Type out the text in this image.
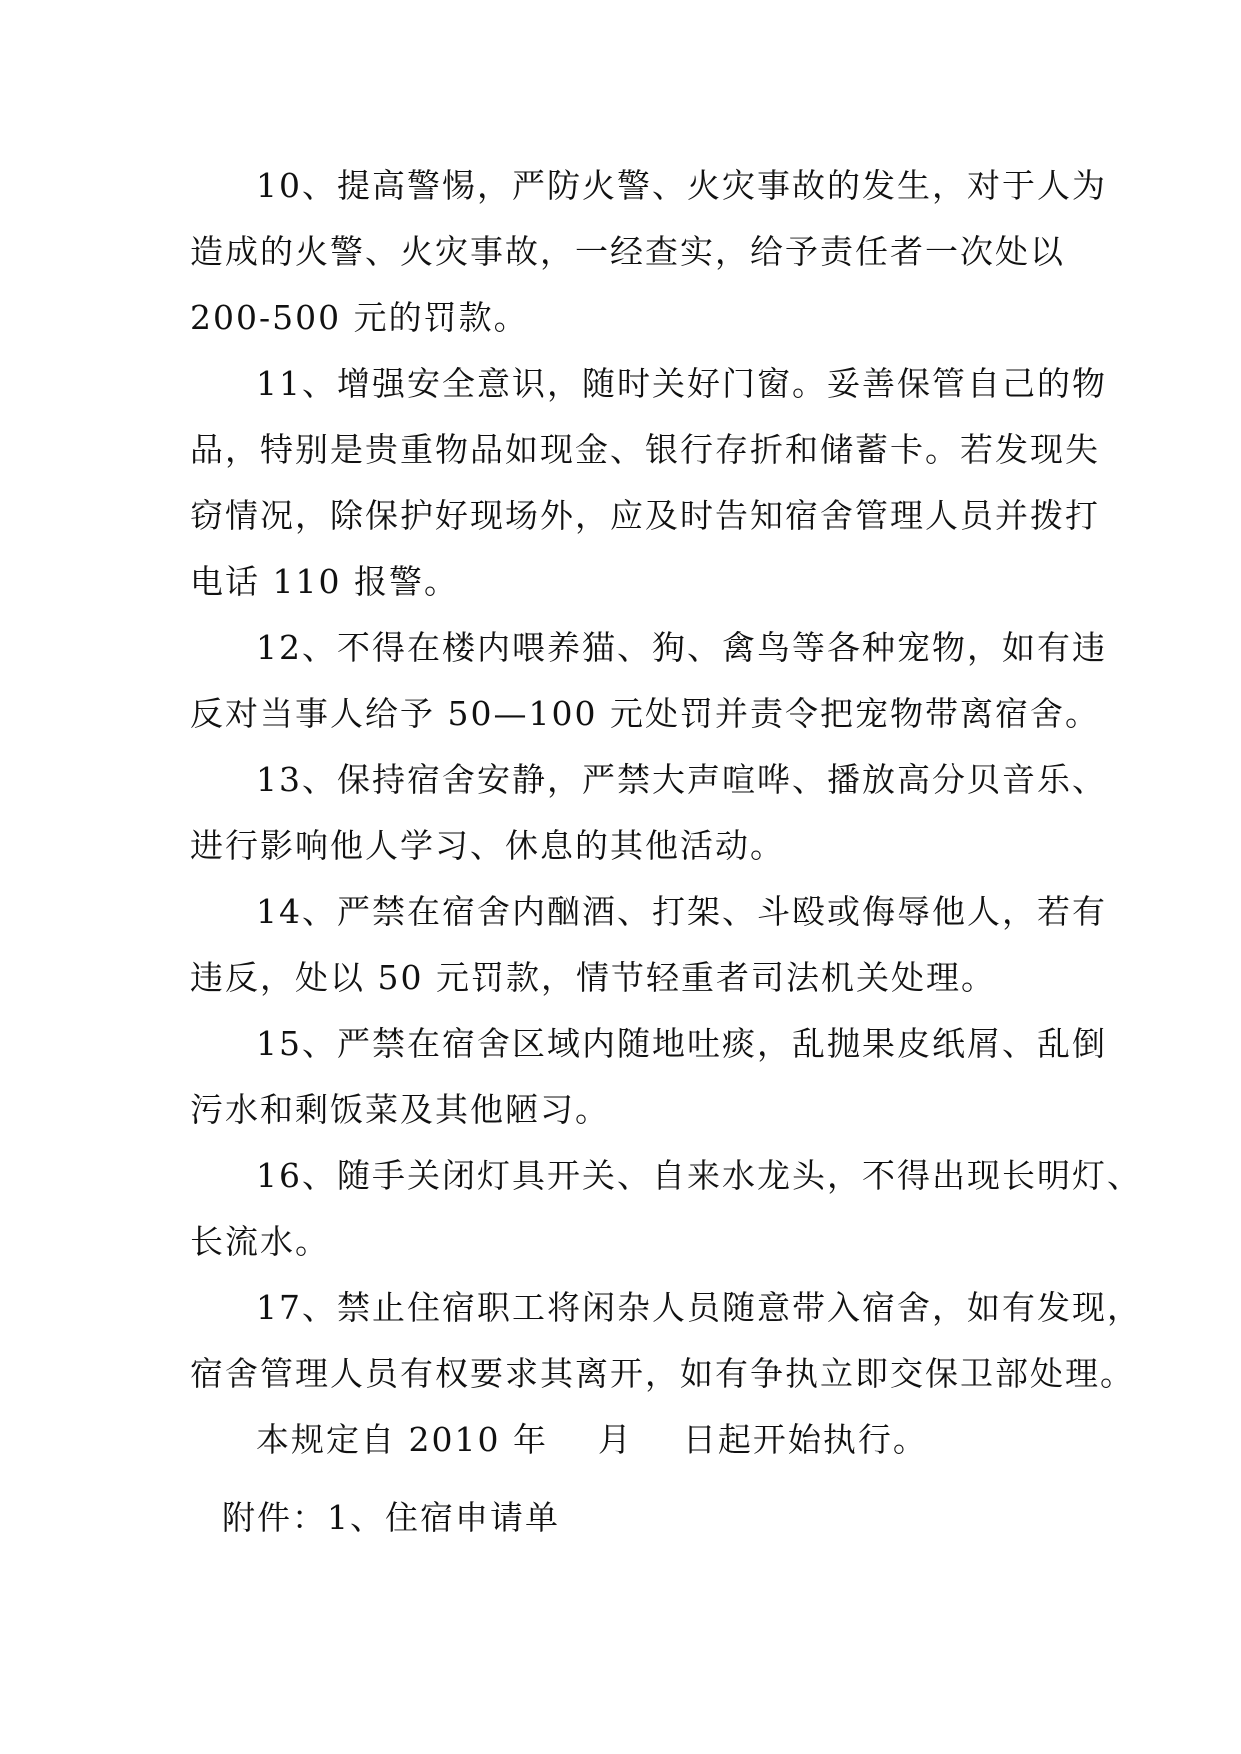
10、提高警惕，严防火警、火灾事故的发生，对于人为
造成的火警、火灾事故，一经查实，给予责任者一次处以
200-500 元的罚款。
11、增强安全意识，随时关好门窗。妥善保管自己的物
品，特别是贵重物品如现金、银行存折和储蓄卡。若发现失
窃情况，除保护好现场外，应及时告知宿舍管理人员并拨打
电话 110 报警。
12、不得在楼内喂养猫、狗、禽鸟等各种宠物，如有违
反对当事人给予 50—100 元处罚并责令把宠物带离宿舍。
13、保持宿舍安静，严禁大声喧哗、播放高分贝音乐、
进行影响他人学习、休息的其他活动。
14、严禁在宿舍内酗酒、打架、斗殴或侮辱他人，若有
违反，处以 50 元罚款，情节轻重者司法机关处理。
15、严禁在宿舍区域内随地吐痰，乱抛果皮纸屑、乱倒
污水和剩饭菜及其他陋习。
16、随手关闭灯具开关、自来水龙头，不得出现长明灯、
长流水。
17、禁止住宿职工将闲杂人员随意带入宿舍，如有发现，
宿舍管理人员有权要求其离开，如有争执立即交保卫部处理。
本规定自 2010 年    月    日起开始执行。
附件：1、住宿申请单
